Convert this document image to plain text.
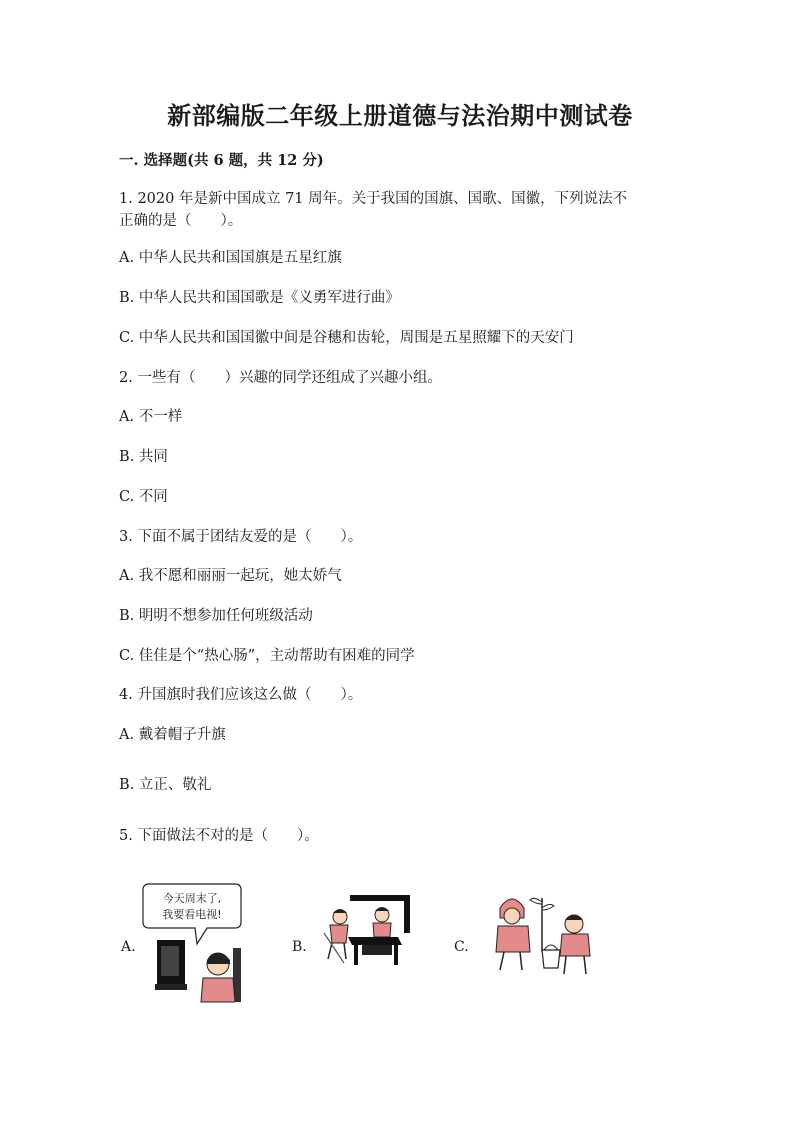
新部编版二年级上册道德与法治期中测试卷
一. 选择题(共 6 题，共 12 分)
1. 2020 年是新中国成立 71 周年。关于我国的国旗、国歌、国徽，下列说法不
正确的是（　　）。
A. 中华人民共和国国旗是五星红旗
B. 中华人民共和国国歌是《义勇军进行曲》
C. 中华人民共和国国徽中间是谷穗和齿轮，周围是五星照耀下的天安门
2. 一些有（　　）兴趣的同学还组成了兴趣小组。
A. 不一样
B. 共同
C. 不同
3. 下面不属于团结友爱的是（　　）。
A. 我不愿和丽丽一起玩，她太娇气
B. 明明不想参加任何班级活动
C. 佳佳是个“热心肠”，主动帮助有困难的同学
4. 升国旗时我们应该这么做（　　）。
A. 戴着帽子升旗
B. 立正、敬礼
5. 下面做法不对的是（　　）。
A.	B.	C.
今天周末了,
我要看电视!
